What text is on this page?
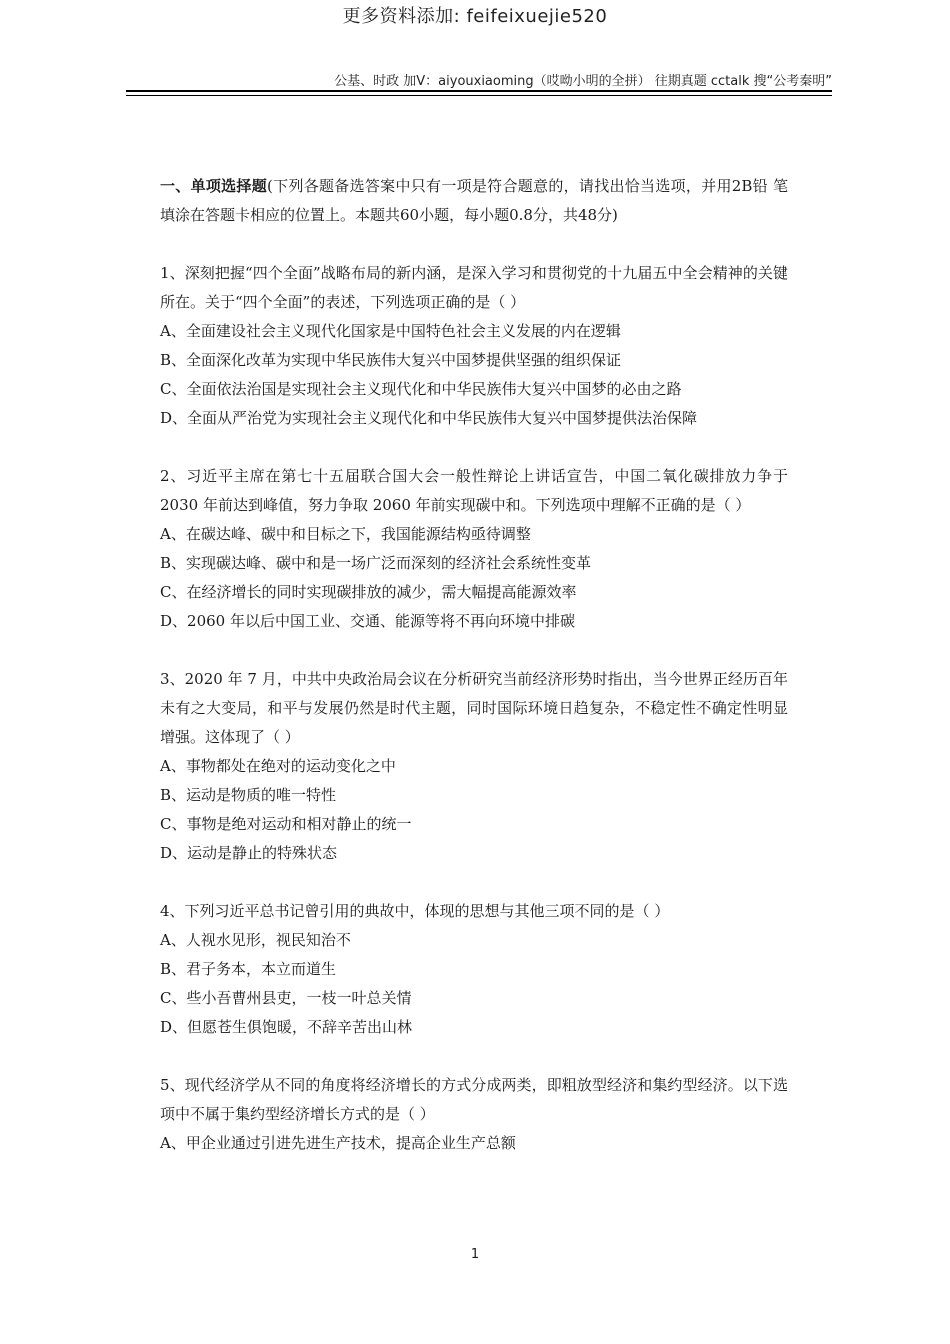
更多资料添加: feifeixuejie520
公基、时政 加V：aiyouxiaoming（哎呦小明的全拼） 往期真题 cctalk 搜“公考秦明”

一、单项选择题(下列各题备选答案中只有一项是符合题意的，请找出恰当选项，并用2B铅 笔填涂在答题卡相应的位置上。本题共60小题，每小题0.8分，共48分)

1、深刻把握“四个全面”战略布局的新内涵，是深入学习和贯彻党的十九届五中全会精神的关键所在。关于“四个全面”的表述，下列选项正确的是（ ）

A、全面建设社会主义现代化国家是中国特色社会主义发展的内在逻辑

B、全面深化改革为实现中华民族伟大复兴中国梦提供坚强的组织保证

C、全面依法治国是实现社会主义现代化和中华民族伟大复兴中国梦的必由之路

D、全面从严治党为实现社会主义现代化和中华民族伟大复兴中国梦提供法治保障

2、习近平主席在第七十五届联合国大会一般性辩论上讲话宣告，中国二氧化碳排放力争于 2030 年前达到峰值，努力争取 2060 年前实现碳中和。下列选项中理解不正确的是（ ）

A、在碳达峰、碳中和目标之下，我国能源结构亟待调整

B、实现碳达峰、碳中和是一场广泛而深刻的经济社会系统性变革

C、在经济增长的同时实现碳排放的减少，需大幅提高能源效率

D、2060 年以后中国工业、交通、能源等将不再向环境中排碳

3、2020 年 7 月，中共中央政治局会议在分析研究当前经济形势时指出，当今世界正经历百年未有之大变局，和平与发展仍然是时代主题，同时国际环境日趋复杂，不稳定性不确定性明显增强。这体现了（ ）

A、事物都处在绝对的运动变化之中

B、运动是物质的唯一特性

C、事物是绝对运动和相对静止的统一

D、运动是静止的特殊状态

4、下列习近平总书记曾引用的典故中，体现的思想与其他三项不同的是（ ）

A、人视水见形，视民知治不

B、君子务本，本立而道生

C、些小吾曹州县吏，一枝一叶总关情

D、但愿苍生俱饱暖，不辞辛苦出山林

5、现代经济学从不同的角度将经济增长的方式分成两类，即粗放型经济和集约型经济。以下选项中不属于集约型经济增长方式的是（ ）

A、甲企业通过引进先进生产技术，提高企业生产总额

1
